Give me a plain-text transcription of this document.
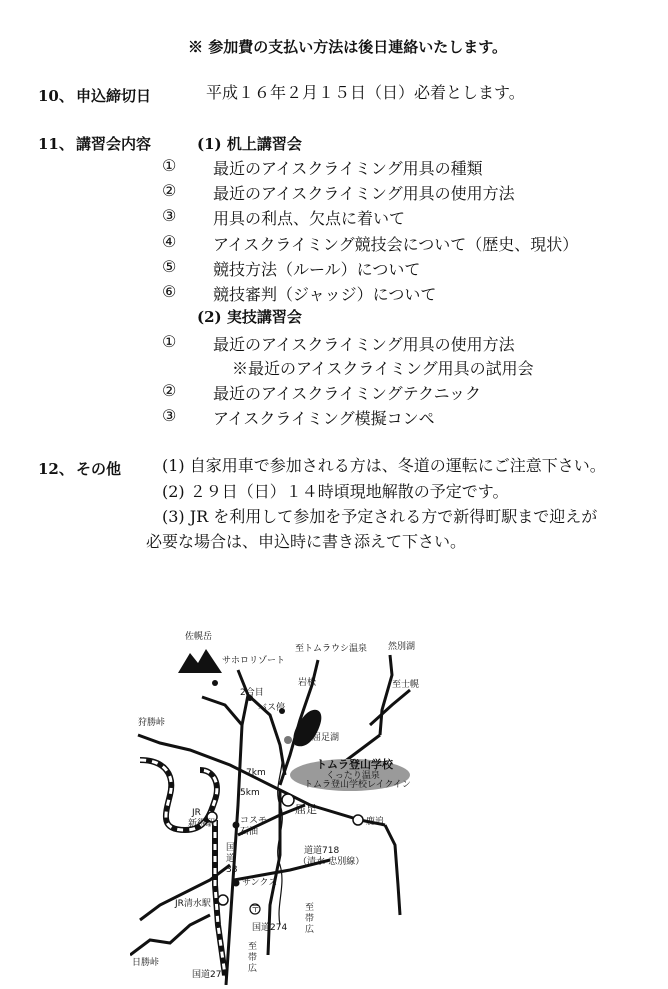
※ 参加費の支払い方法は後日連絡いたします。
10、 申込締切日	平成１６年２月１５日（日）必着とします。
11、 講習会内容	(1) 机上講習会
① 最近のアイスクライミング用具の種類
② 最近のアイスクライミング用具の使用方法
③ 用具の利点、欠点に着いて
④ アイスクライミング競技会について（歴史、現状）
⑤ 競技方法（ルール）について
⑥ 競技審判（ジャッジ）について
(2) 実技講習会
① 最近のアイスクライミング用具の使用方法
※最近のアイスクライミング用具の試用会
② 最近のアイスクライミングテクニック
③ アイスクライミング模擬コンペ
12、 その他	(1) 自家用車で参加される方は、冬道の運転にご注意下さい。
(2) ２９日（日）１４時頃現地解散の予定です。
(3) JR を利用して参加を予定される方で新得町駅まで迎えが
必要な場合は、申込時に書き添えて下さい。
佐幌岳
サホロリゾート
至トムラウシ温泉 然別湖
至士幌
2合目
岩松
バス停
狩勝峠
屈足湖
トムラ登山学校
くったり温泉
トムラ登山学校レイクイン
7km
5km
屈足
鹿追
JR
新得駅	コスモ
石油
国
道
38
道道718
（清水-忠別線）
サンクス
〒
国道274
至
帯
広
JR清水駅
至
帯
広
日勝峠
国道274
